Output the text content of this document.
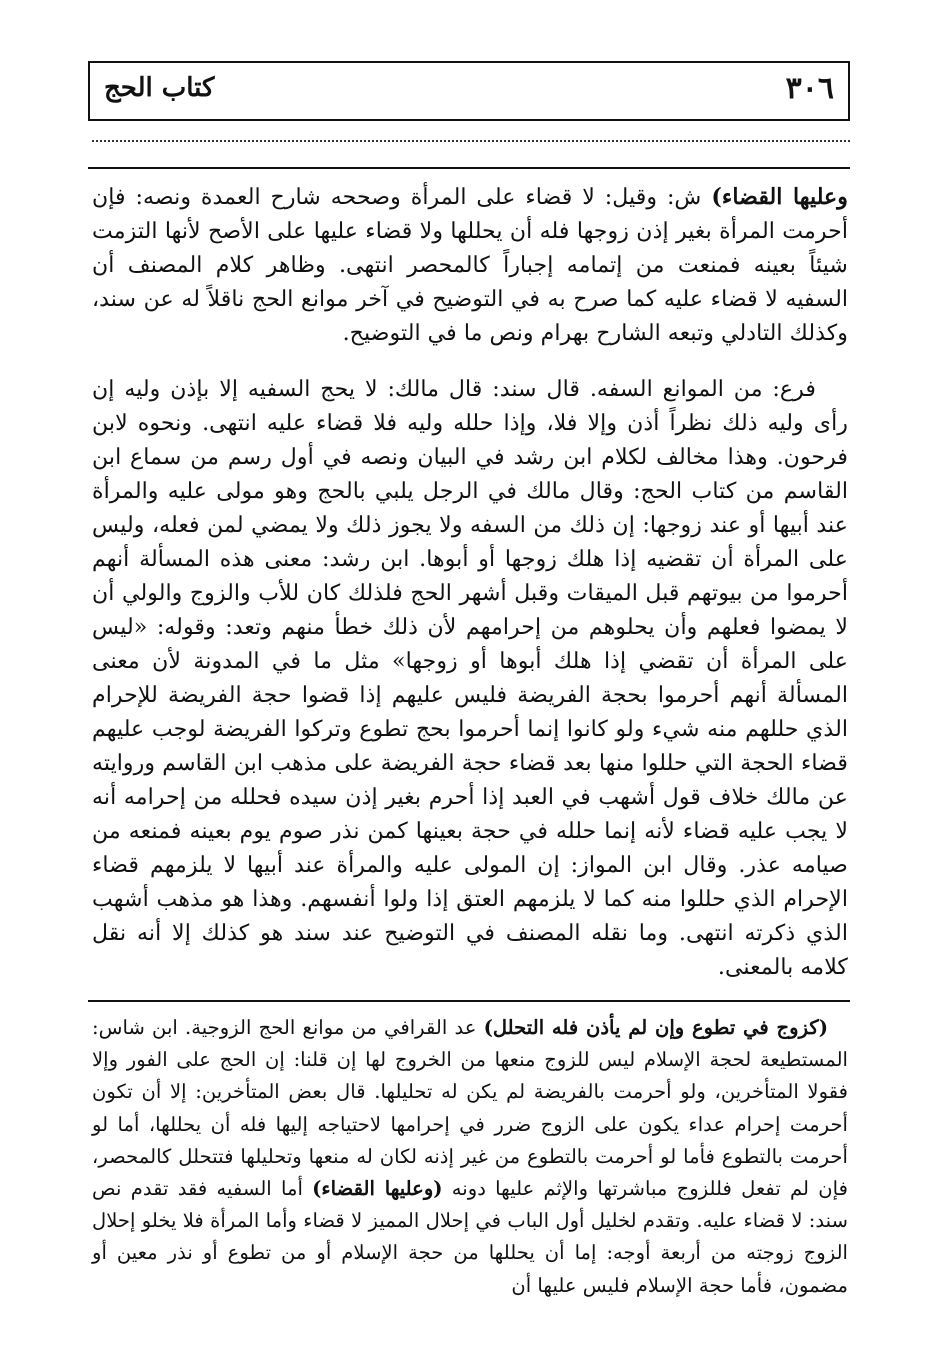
٣٠٦
كتاب الحج

وعليها القضاء) ش: وقيل: لا قضاء على المرأة وصححه شارح العمدة ونصه: فإن أحرمت المرأة بغير إذن زوجها فله أن يحللها ولا قضاء عليها على الأصح لأنها التزمت شيئاً بعينه فمنعت من إتمامه إجباراً كالمحصر انتهى. وظاهر كلام المصنف أن السفيه لا قضاء عليه كما صرح به في التوضيح في آخر موانع الحج ناقلاً له عن سند، وكذلك التادلي وتبعه الشارح بهرام ونص ما في التوضيح.

فرع: من الموانع السفه. قال سند: قال مالك: لا يحج السفيه إلا بإذن وليه إن رأى وليه ذلك نظراً أذن وإلا فلا، وإذا حلله وليه فلا قضاء عليه انتهى. ونحوه لابن فرحون. وهذا مخالف لكلام ابن رشد في البيان ونصه في أول رسم من سماع ابن القاسم من كتاب الحج: وقال مالك في الرجل يلبي بالحج وهو مولى عليه والمرأة عند أبيها أو عند زوجها: إن ذلك من السفه ولا يجوز ذلك ولا يمضي لمن فعله، وليس على المرأة أن تقضيه إذا هلك زوجها أو أبوها. ابن رشد: معنى هذه المسألة أنهم أحرموا من بيوتهم قبل الميقات وقبل أشهر الحج فلذلك كان للأب والزوج والولي أن لا يمضوا فعلهم وأن يحلوهم من إحرامهم لأن ذلك خطأ منهم وتعد: وقوله: «ليس على المرأة أن تقضي إذا هلك أبوها أو زوجها» مثل ما في المدونة لأن معنى المسألة أنهم أحرموا بحجة الفريضة فليس عليهم إذا قضوا حجة الفريضة للإحرام الذي حللهم منه شيء ولو كانوا إنما أحرموا بحج تطوع وتركوا الفريضة لوجب عليهم قضاء الحجة التي حللوا منها بعد قضاء حجة الفريضة على مذهب ابن القاسم وروايته عن مالك خلاف قول أشهب في العبد إذا أحرم بغير إذن سيده فحلله من إحرامه أنه لا يجب عليه قضاء لأنه إنما حلله في حجة بعينها كمن نذر صوم يوم بعينه فمنعه من صيامه عذر. وقال ابن المواز: إن المولى عليه والمرأة عند أبيها لا يلزمهم قضاء الإحرام الذي حللوا منه كما لا يلزمهم العتق إذا ولوا أنفسهم. وهذا هو مذهب أشهب الذي ذكرته انتهى. وما نقله المصنف في التوضيح عند سند هو كذلك إلا أنه نقل كلامه بالمعنى.

(كزوج في تطوع وإن لم يأذن فله التحلل) عد القرافي من موانع الحج الزوجية. ابن شاس: المستطيعة لحجة الإسلام ليس للزوج منعها من الخروج لها إن قلنا: إن الحج على الفور وإلا فقولا المتأخرين، ولو أحرمت بالفريضة لم يكن له تحليلها. قال بعض المتأخرين: إلا أن تكون أحرمت إحرام عداء يكون على الزوج ضرر في إحرامها لاحتياجه إليها فله أن يحللها، أما لو أحرمت بالتطوع فأما لو أحرمت بالتطوع من غير إذنه لكان له منعها وتحليلها فتتحلل كالمحصر، فإن لم تفعل فللزوج مباشرتها والإثم عليها دونه (وعليها القضاء) أما السفيه فقد تقدم نص سند: لا قضاء عليه. وتقدم لخليل أول الباب في إحلال المميز لا قضاء وأما المرأة فلا يخلو إحلال الزوج زوجته من أربعة أوجه: إما أن يحللها من حجة الإسلام أو من تطوع أو نذر معين أو مضمون، فأما حجة الإسلام فليس عليها أن
